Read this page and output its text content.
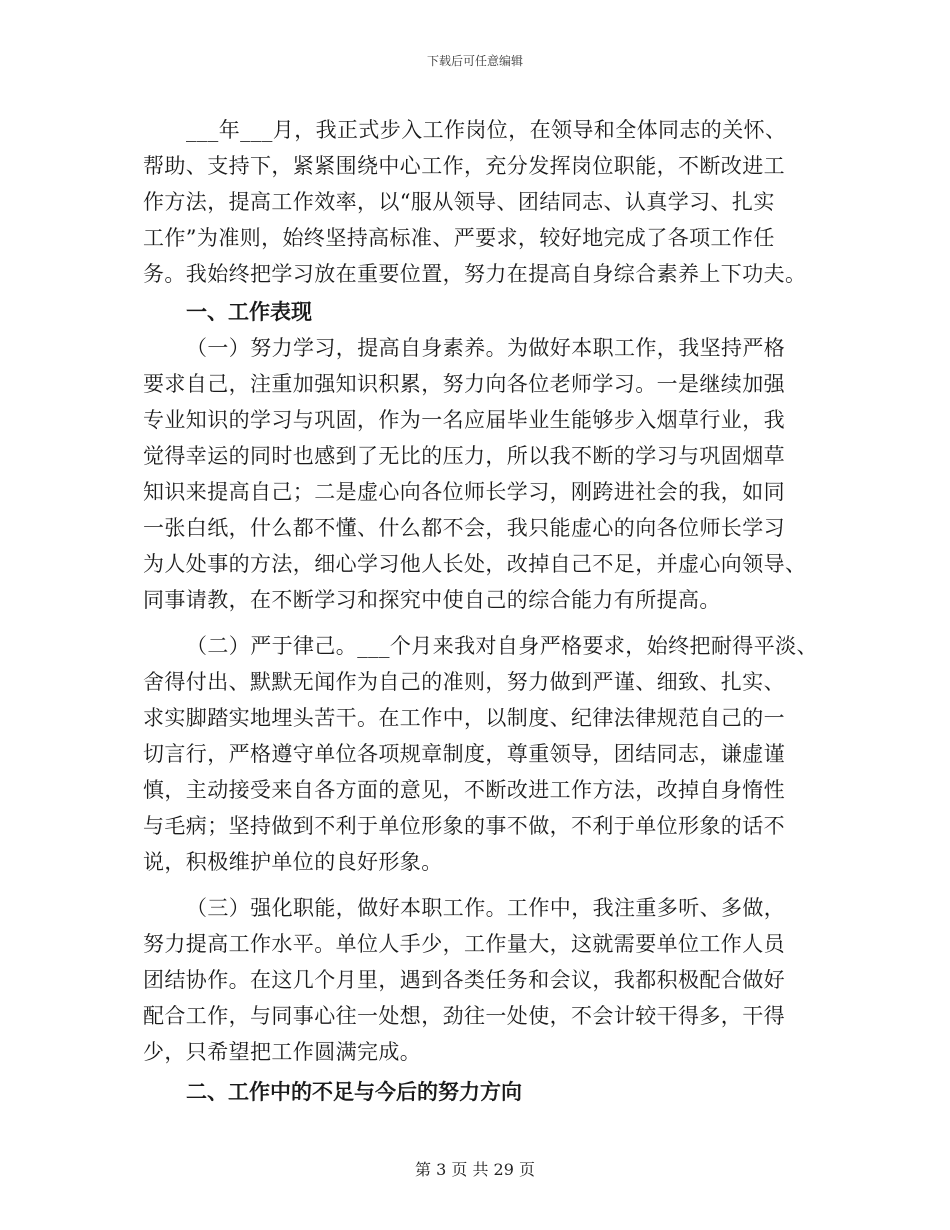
下载后可任意编辑
___年___月，我正式步入工作岗位，在领导和全体同志的关怀、
帮助、支持下，紧紧围绕中心工作，充分发挥岗位职能，不断改进工
作方法，提高工作效率，以“服从领导、团结同志、认真学习、扎实
工作”为准则，始终坚持高标准、严要求，较好地完成了各项工作任
务。我始终把学习放在重要位置，努力在提高自身综合素养上下功夫。
一、工作表现
（一）努力学习，提高自身素养。为做好本职工作，我坚持严格
要求自己，注重加强知识积累，努力向各位老师学习。一是继续加强
专业知识的学习与巩固，作为一名应届毕业生能够步入烟草行业，我
觉得幸运的同时也感到了无比的压力，所以我不断的学习与巩固烟草
知识来提高自己；二是虚心向各位师长学习，刚跨进社会的我，如同
一张白纸，什么都不懂、什么都不会，我只能虚心的向各位师长学习
为人处事的方法，细心学习他人长处，改掉自己不足，并虚心向领导、
同事请教，在不断学习和探究中使自己的综合能力有所提高。
（二）严于律己。___个月来我对自身严格要求，始终把耐得平淡、
舍得付出、默默无闻作为自己的准则，努力做到严谨、细致、扎实、
求实脚踏实地埋头苦干。在工作中，以制度、纪律法律规范自己的一
切言行，严格遵守单位各项规章制度，尊重领导，团结同志，谦虚谨
慎，主动接受来自各方面的意见，不断改进工作方法，改掉自身惰性
与毛病；坚持做到不利于单位形象的事不做，不利于单位形象的话不
说，积极维护单位的良好形象。
（三）强化职能，做好本职工作。工作中，我注重多听、多做，
努力提高工作水平。单位人手少，工作量大，这就需要单位工作人员
团结协作。在这几个月里，遇到各类任务和会议，我都积极配合做好
配合工作，与同事心往一处想，劲往一处使，不会计较干得多，干得
少，只希望把工作圆满完成。
二、工作中的不足与今后的努力方向
第 3 页 共 29 页
